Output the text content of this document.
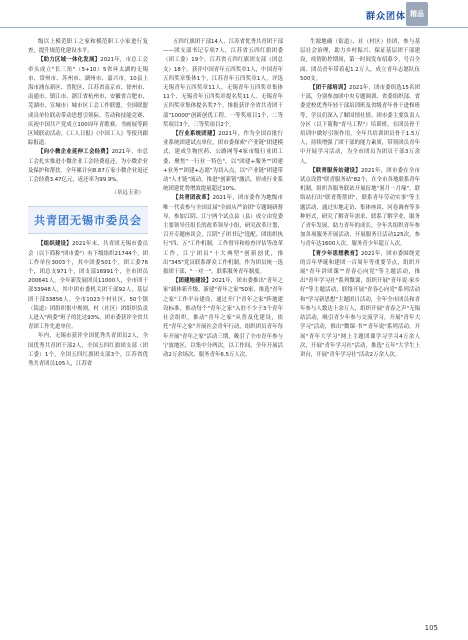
群众团体 精品

级以上模范职工之家和模范职工小家进行复查，提升规范化建设水平。

【助力区域一体化发展】2021年，市总工会牵头成立"长三角"（5+10）5省环太湖的无锡市、常州市、苏州市、湖州市、嘉兴市，10县上海市浦东新区、普陀区、江苏省南京市、徐州市、南通市、镇江市、浙江省杭州市、安徽省合肥市、芜湖市、宣城市）城市区工会工作联盟，全国联盟成员单位联动带动思想引领际，劳动和技能竞赛、庆祝中国共产党成立100周年青歌赛、书画展等跨区域联动活动。《工人日报》《中国工人》等报刊跟踪报道。

【向小微企业延伸工会经费】2021年，市总工会扎实推进小微企业工会经费返还，为小微企业及保护和帮扶。全年累计向8.87万家小微企业返还工会经费3.47亿元，返还率为99.9%。

（章远玉金）

共青团无锡市委员会

【组织建设】2021年末，共青团无锡市委员会（以下简称"团市委"）有下级组织21744个，团工作单位3003个，其中团委501个，团工委76个，团总支971个，团支部16991个，全市团员200641人，全年新发展团员11000人，全市团干部33948人，其中团市委机关团干部92人，基层团干部33856人。全市1023个村社区，50个镇（街道）团组织报中规则，村（社区）团组织负责人进入"两委"班子的比达93%，团市委获评全省共青团工作先进单位。

年内，无锡市获评全国优秀共青团员2人，全国优秀共青团干部2人，全国五四红旗团支部（团工委）1个，全国五四红旗团支部3个，江苏省优秀共青团员105人，江苏省

五四红旗团干部14人，江苏省优秀共青团干部——团支部书记专项7人，江苏省五四红旗团委（团工委）19个，江苏省五四红旗团支部（团总支）18个。获评中国青年五四奖章1人，中国青年五四奖章集体1个，江苏青年五四奖章1人，评选无锡青年五四奖章11人、无锡青年五四奖章集体11个、无锡青年五四奖章提名奖11人、无锡青年五四奖章集体提名奖7个，推报获评全省共青团干部"10000"创新创优工程，一等奖项目1个，二等奖项目3个，三等奖项目2个。

【行业系统团建】2021年，作为全国首批行业系统团建试点单位，团市委探索"产业链"团建模式，建成生物医药、公路网等4家市级行业团工委，聚焦"一行业一特色"，以"团建+服务""团建+业务""团建+志愿"为切入点，以"产业链"团建带动"人才链"流动，推进"创新链"激活，形成行业系统团建优势增效提量超过10%。

【共青团改革】2021年，团市委作为地级市唯一代表参与全国首届"全面从严治团"专题调研督导，参加江阴、江宁两个试点县（县）成立由党委主要领导任组长的改革领导小组，研究改革计划，召开专题座谈会，江阴"子团书记"选配、团组织执行"四、五"工作机制，工作督导和检查评估等改革工作，江宁团员"十大典型"创新创优，推出"345"党员联系群众工作机制。作为团员统一选拔团干部、"一对一"，联系服务青年制度。

【团建地建设】2021年，团市委推出"青年之家"载体新升级、新建"青年之家"50家，推选"青年之家"工作平台建设，通过开门"青年之家"阵地建设标准，推动每个"青年之家"入驻不少于3个青年社会组织，推动"青年之家"从普及化建设，依托"青年之家"开展社会青年行动，组织团员青年每年开展"青年之家"活动三期，吸引了全市青年参与宁波地区，以集中分两次，以工作间，全年开展活动2万余场次、服务青年6.5万人次。

生源地确（街道）、社（村区）挂团，参与基层社会治理，助力乡村振兴、保证基层团干部建设，疫情防控期间，第一时间发布招募令，号召全面、团员青年带着起1.2万人，成立青年志愿队伍500支。

【团干部培训】2021年，团市委组选15名团干部，分别参加团中央专题调训、省委组织部、省委党校优秀年轻干部培训班及省级青年骨干进修班等，学员们深入了解国情社情、团市委主要负责人分区（以下简称"青马工程"）培训班，在团员骨干培训中做好引领作用，全年共培训团员骨干1.5万人，持续增强了团干部的能力素质，带领团员青年中开展学习活动，为全市团员为团员干部3万余人。

【联青服务站建设】2021年，团市委在全市试点设置"联青服务站"82个，在全市各地联系青年机制，组织各服务联站开展征地"暑月一月缘"，联络站打出"联青帮帮团"，联系青年劳动实事"等主题活动，通过实地走访、集体座谈、问卷调查等多种形式，研究了解青年需求、联系了解学业，服务了青年发展，助力青年的成长，全年共组织青年参加各项服务开展活动，开展服务日活动125次，参与青年达1600人次，服务青少年超万人次。

【青少年思想教育】2021年，团市委围绕党的百年华诞和建团一百周年等重要节点，组织开展"青年讲团课""青春心向党"等主题活动，推出"青年学习社"系列微课，组织开展"青年说·家乡好"等主题活动，联络开展"青春心向党"系列活动和"学习新思想"主题团日活动，全年全市团员和青年参与人数达十余万人，组织开展"青春之声"无锡站活动，吸引青少年参与交流学习，开展"青年大学习"活动，推出"微课·书""青年说"系列活动，开展"青年大学习"网上主题团课学习学习4万余人次，开展"青年学习社"活动，推选"五年"大学生上讲台，开展"青年学习社"活动2万余人次。

105
